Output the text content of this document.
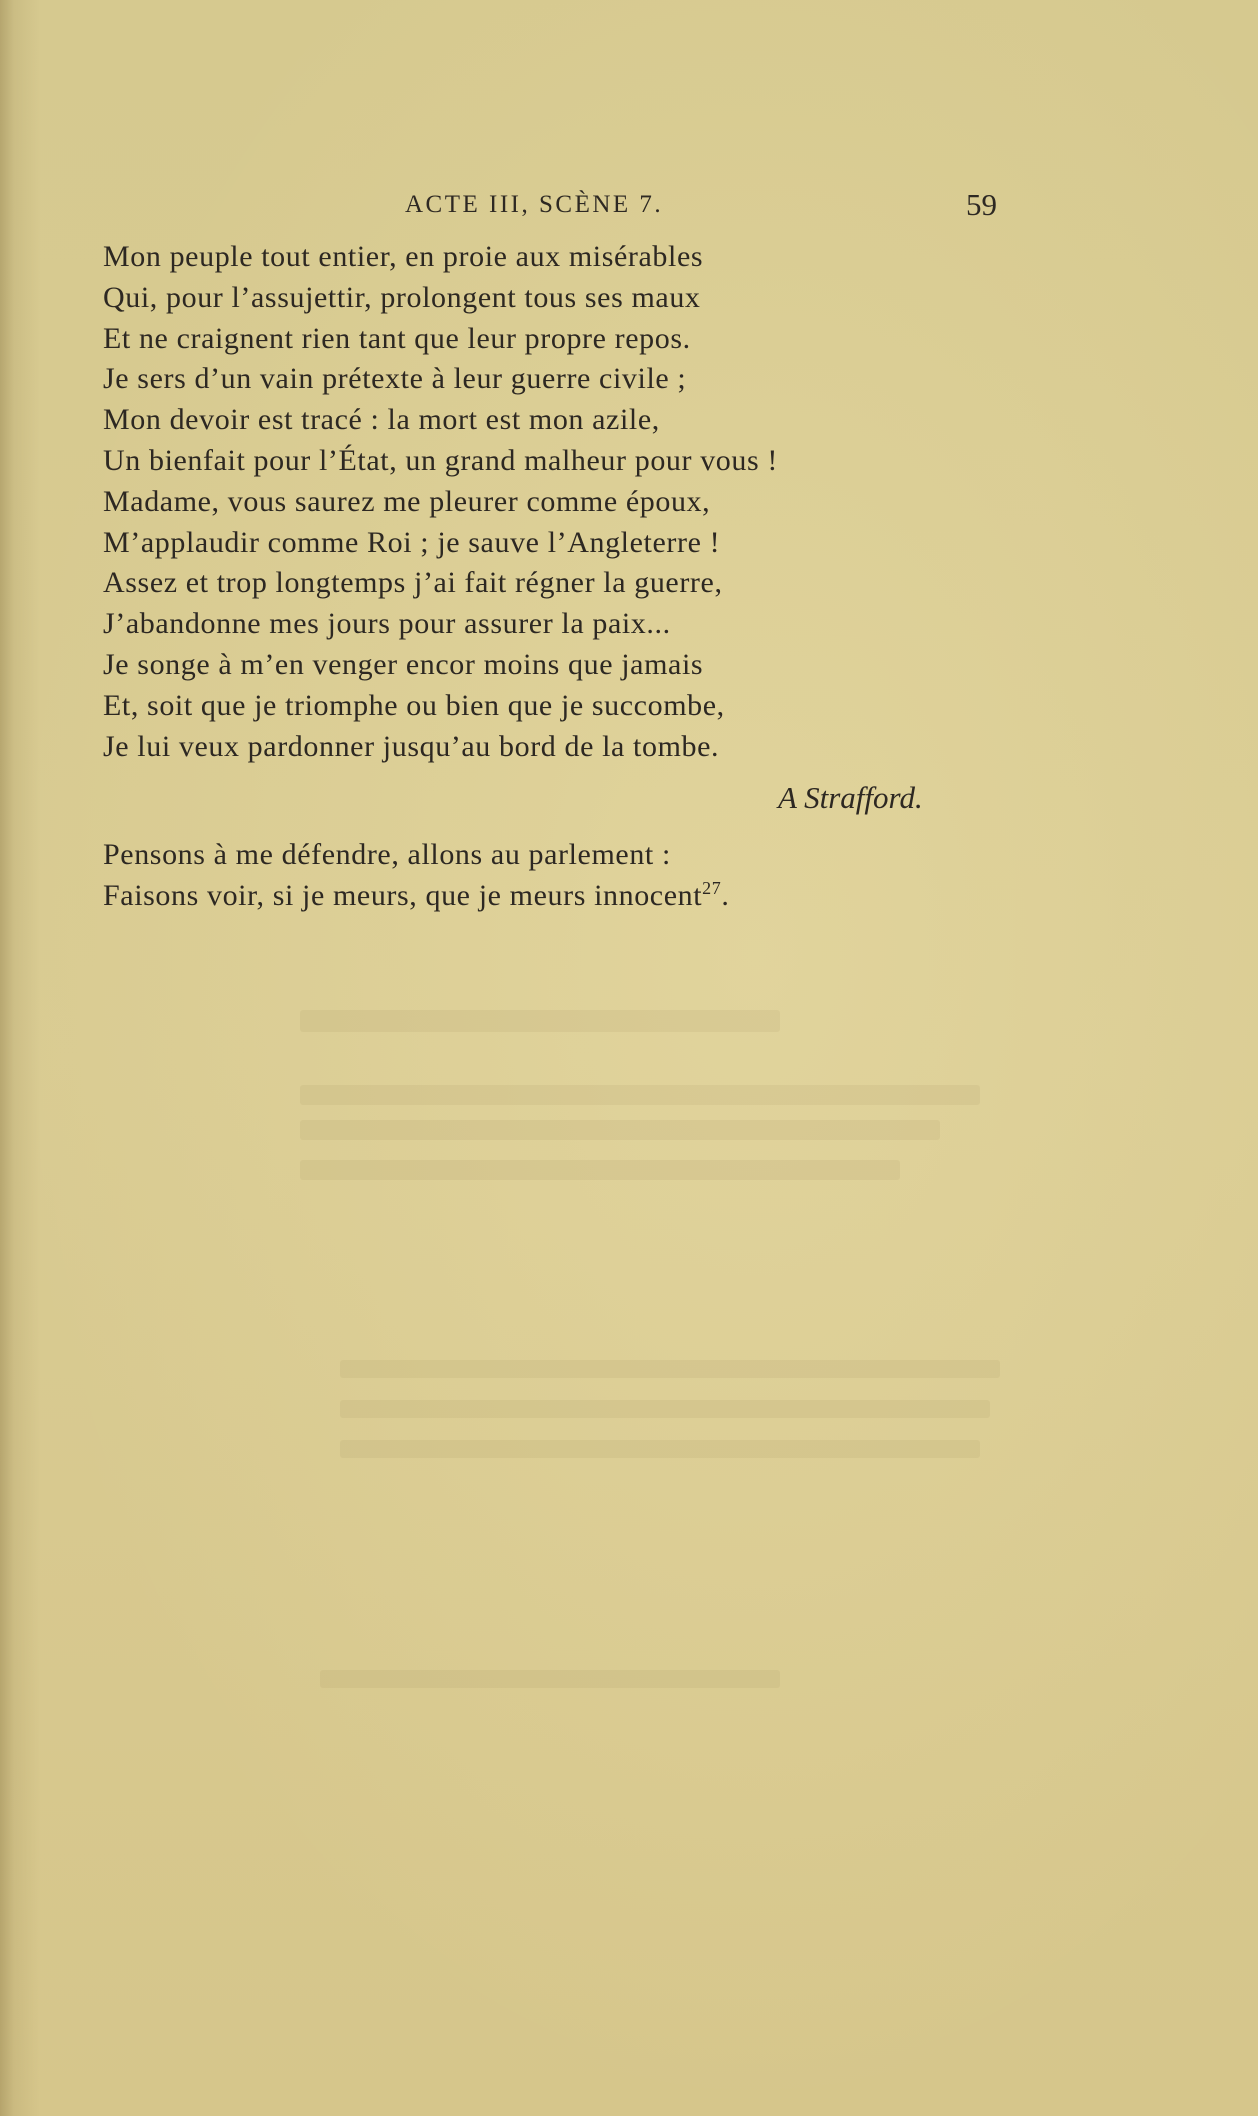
ACTE III, SCÈNE 7.	59
Mon peuple tout entier, en proie aux misérables
Qui, pour l’assujettir, prolongent tous ses maux
Et ne craignent rien tant que leur propre repos.
Je sers d’un vain prétexte à leur guerre civile ;
Mon devoir est tracé : la mort est mon azile,
Un bienfait pour l’État, un grand malheur pour vous !
Madame, vous saurez me pleurer comme époux,
M’applaudir comme Roi ; je sauve l’Angleterre !
Assez et trop longtemps j’ai fait régner la guerre,
J’abandonne mes jours pour assurer la paix...
Je songe à m’en venger encor moins que jamais
Et, soit que je triomphe ou bien que je succombe,
Je lui veux pardonner jusqu’au bord de la tombe.
A Strafford.
Pensons à me défendre, allons au parlement :
Faisons voir, si je meurs, que je meurs innocent$^{27}$.
